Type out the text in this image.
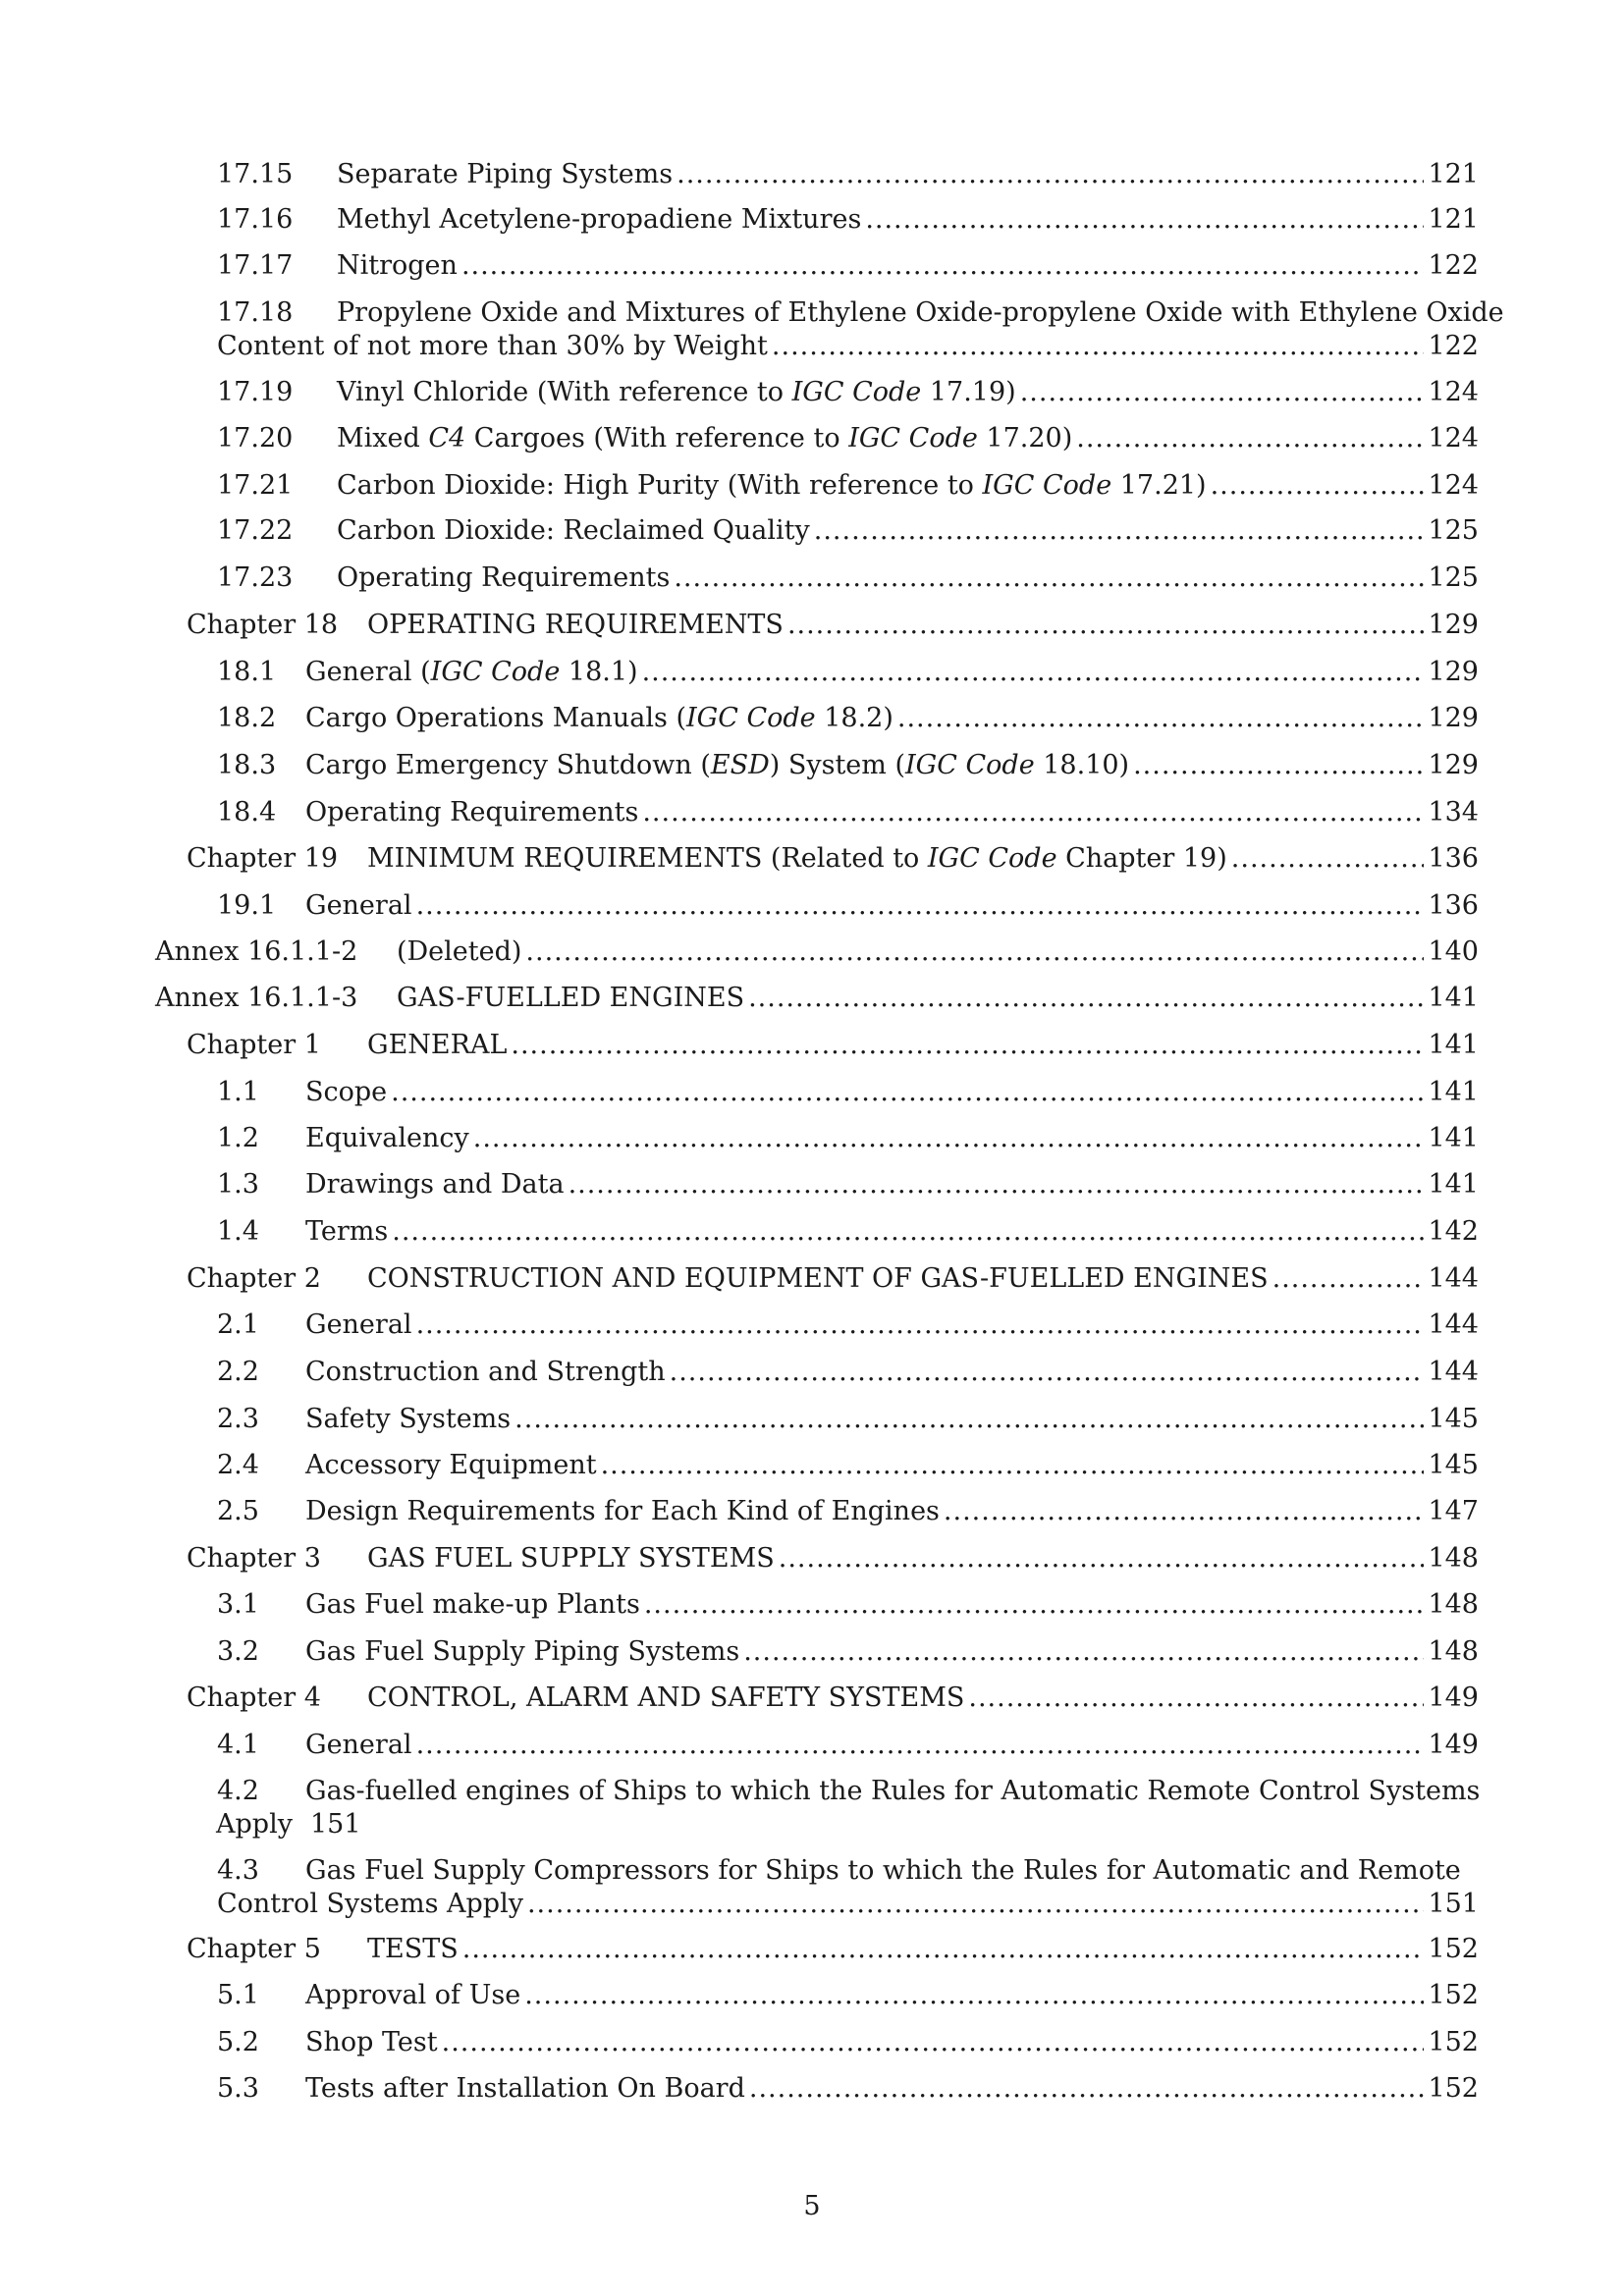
17.15	Separate Piping Systems .....	121
17.16	Methyl Acetylene-propadiene Mixtures .....	121
17.17	Nitrogen .....	122
17.18	Propylene Oxide and Mixtures of Ethylene Oxide-propylene Oxide with Ethylene Oxide
Content of not more than 30% by Weight .....	122
17.19	Vinyl Chloride (With reference to IGC Code 17.19) .....	124
17.20	Mixed C4 Cargoes (With reference to IGC Code 17.20) .....	124
17.21	Carbon Dioxide: High Purity (With reference to IGC Code 17.21) .....	124
17.22	Carbon Dioxide: Reclaimed Quality .....	125
17.23	Operating Requirements .....	125
Chapter 18	OPERATING REQUIREMENTS .....	129
18.1	General (IGC Code 18.1) .....	129
18.2	Cargo Operations Manuals (IGC Code 18.2) .....	129
18.3	Cargo Emergency Shutdown (ESD) System (IGC Code 18.10) .....	129
18.4	Operating Requirements .....	134
Chapter 19	MINIMUM REQUIREMENTS (Related to IGC Code Chapter 19) .....	136
19.1	General .....	136
Annex 16.1.1-2	(Deleted) .....	140
Annex 16.1.1-3	GAS-FUELLED ENGINES .....	141
Chapter 1	GENERAL .....	141
1.1	Scope .....	141
1.2	Equivalency .....	141
1.3	Drawings and Data .....	141
1.4	Terms .....	142
Chapter 2	CONSTRUCTION AND EQUIPMENT OF GAS-FUELLED ENGINES .....	144
2.1	General .....	144
2.2	Construction and Strength .....	144
2.3	Safety Systems .....	145
2.4	Accessory Equipment .....	145
2.5	Design Requirements for Each Kind of Engines .....	147
Chapter 3	GAS FUEL SUPPLY SYSTEMS .....	148
3.1	Gas Fuel make-up Plants .....	148
3.2	Gas Fuel Supply Piping Systems .....	148
Chapter 4	CONTROL, ALARM AND SAFETY SYSTEMS .....	149
4.1	General .....	149
4.2	Gas-fuelled engines of Ships to which the Rules for Automatic Remote Control Systems
Apply 151
4.3	Gas Fuel Supply Compressors for Ships to which the Rules for Automatic and Remote
Control Systems Apply .....	151
Chapter 5	TESTS .....	152
5.1	Approval of Use .....	152
5.2	Shop Test .....	152
5.3	Tests after Installation On Board .....	152
5
